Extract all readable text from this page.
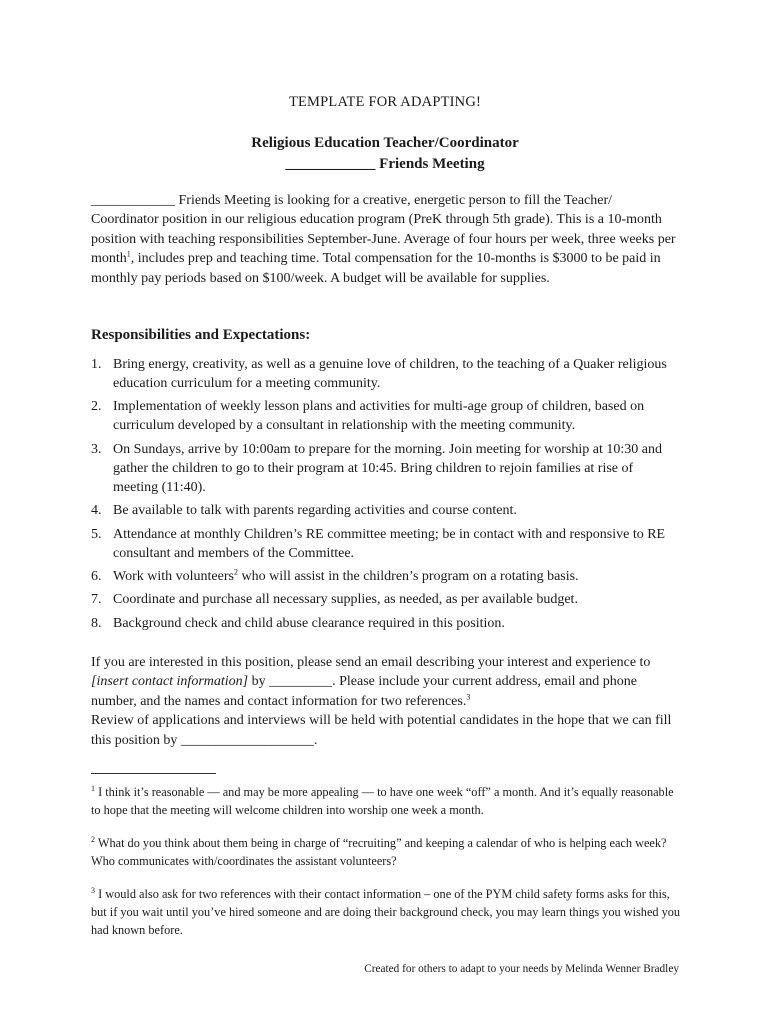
TEMPLATE FOR ADAPTING!
Religious Education Teacher/Coordinator
____________ Friends Meeting
____________ Friends Meeting is looking for a creative, energetic person to fill the Teacher/ Coordinator position in our religious education program (PreK through 5th grade). This is a 10-month position with teaching responsibilities September-June. Average of four hours per week, three weeks per month$^1$, includes prep and teaching time. Total compensation for the 10-months is $3000 to be paid in monthly pay periods based on $100/week. A budget will be available for supplies.
Responsibilities and Expectations:
1. Bring energy, creativity, as well as a genuine love of children, to the teaching of a Quaker religious education curriculum for a meeting community.
2. Implementation of weekly lesson plans and activities for multi-age group of children, based on curriculum developed by a consultant in relationship with the meeting community.
3. On Sundays, arrive by 10:00am to prepare for the morning. Join meeting for worship at 10:30 and gather the children to go to their program at 10:45. Bring children to rejoin families at rise of meeting (11:40).
4. Be available to talk with parents regarding activities and course content.
5. Attendance at monthly Children’s RE committee meeting; be in contact with and responsive to RE consultant and members of the Committee.
6. Work with volunteers$^2$ who will assist in the children’s program on a rotating basis.
7. Coordinate and purchase all necessary supplies, as needed, as per available budget.
8. Background check and child abuse clearance required in this position.

If you are interested in this position, please send an email describing your interest and experience to [insert contact information] by _________. Please include your current address, email and phone number, and the names and contact information for two references.$^3$

Review of applications and interviews will be held with potential candidates in the hope that we can fill this position by ___________________.

$^1$ I think it’s reasonable — and may be more appealing — to have one week “off” a month. And it’s equally reasonable to hope that the meeting will welcome children into worship one week a month.

$^2$ What do you think about them being in charge of “recruiting” and keeping a calendar of who is helping each week? Who communicates with/coordinates the assistant volunteers?

$^3$ I would also ask for two references with their contact information – one of the PYM child safety forms asks for this, but if you wait until you’ve hired someone and are doing their background check, you may learn things you wished you had known before.

Created for others to adapt to your needs by Melinda Wenner Bradley
